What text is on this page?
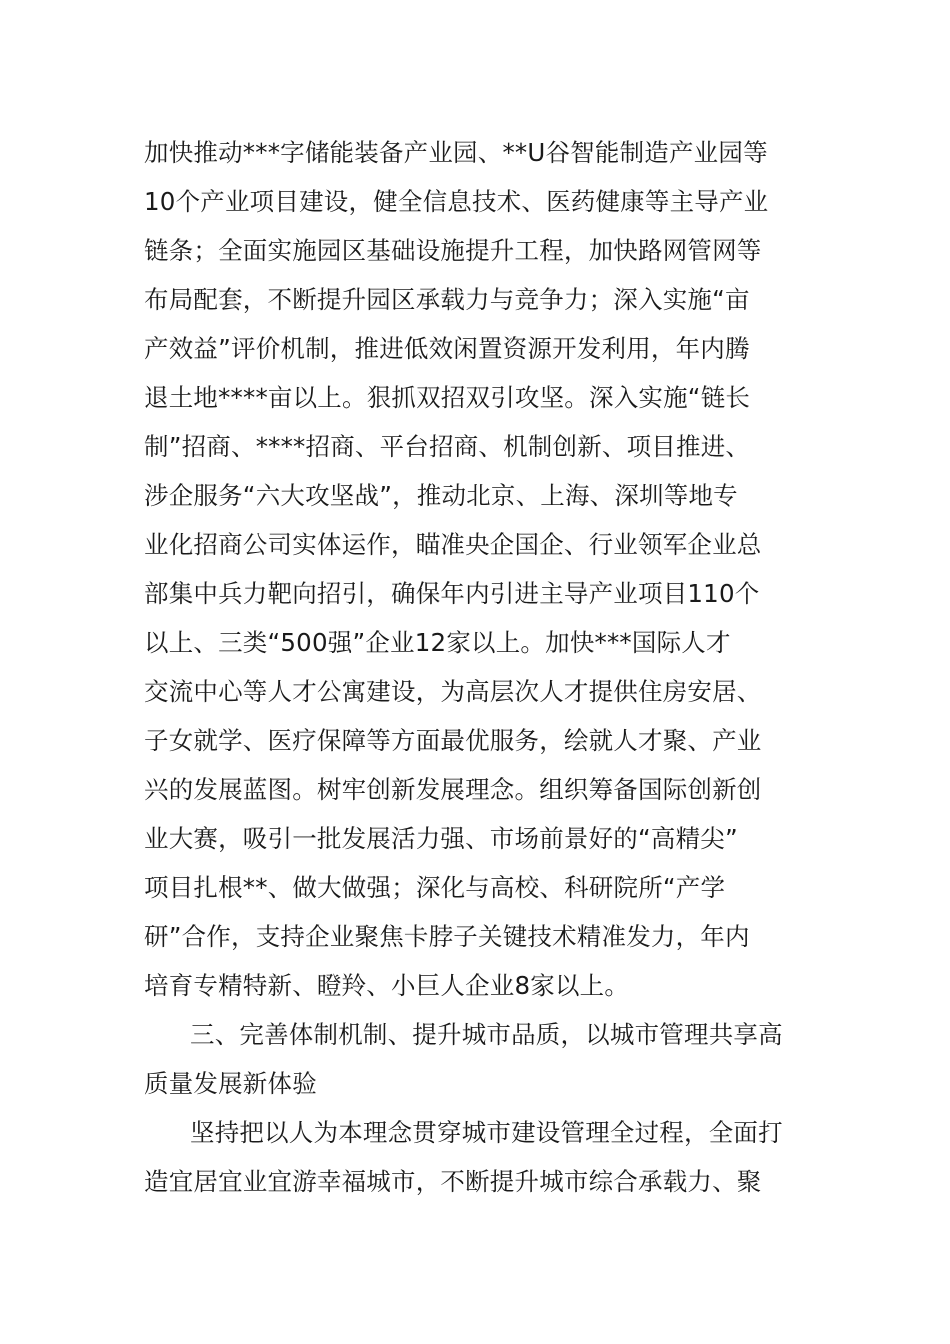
加快推动***字储能装备产业园、**U谷智能制造产业园等
10个产业项目建设，健全信息技术、医药健康等主导产业
链条；全面实施园区基础设施提升工程，加快路网管网等
布局配套，不断提升园区承载力与竞争力；深入实施“亩
产效益”评价机制，推进低效闲置资源开发利用，年内腾
退土地****亩以上。狠抓双招双引攻坚。深入实施“链长
制”招商、****招商、平台招商、机制创新、项目推进、
涉企服务“六大攻坚战”，推动北京、上海、深圳等地专
业化招商公司实体运作，瞄准央企国企、行业领军企业总
部集中兵力靶向招引，确保年内引进主导产业项目110个
以上、三类“500强”企业12家以上。加快***国际人才
交流中心等人才公寓建设，为高层次人才提供住房安居、
子女就学、医疗保障等方面最优服务，绘就人才聚、产业
兴的发展蓝图。树牢创新发展理念。组织筹备国际创新创
业大赛，吸引一批发展活力强、市场前景好的“高精尖”
项目扎根**、做大做强；深化与高校、科研院所“产学
研”合作，支持企业聚焦卡脖子关键技术精准发力，年内
培育专精特新、瞪羚、小巨人企业8家以上。
三、完善体制机制、提升城市品质，以城市管理共享高
质量发展新体验
坚持把以人为本理念贯穿城市建设管理全过程，全面打
造宜居宜业宜游幸福城市，不断提升城市综合承载力、聚
